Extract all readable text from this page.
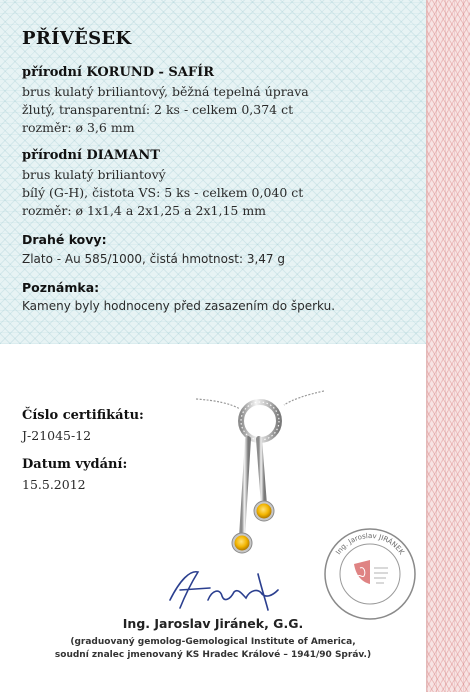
PŘÍVĚSEK
přírodní KORUND - SAFÍR
brus kulatý briliantový, běžná tepelná úprava
žlutý, transparentní: 2 ks - celkem 0,374 ct
rozměr: ø 3,6 mm
přírodní DIAMANT
brus kulatý briliantový
bílý (G-H), čistota VS: 5 ks - celkem 0,040 ct
rozměr: ø 1x1,4 a 2x1,25 a 2x1,15 mm
Drahé kovy:
Zlato - Au 585/1000, čistá hmotnost: 3,47 g
Poznámka:
Kameny byly hodnoceny před zasazením do šperku.
Číslo certifikátu:
J-21045-12
Datum vydání:
15.5.2012
Ing. Jaroslav JIRÁNEK
Ing. Jaroslav Jiránek, G.G.
(graduovaný gemolog-Gemological Institute of America,
soudní znalec jmenovaný KS Hradec Králové – 1941/90 Správ.)
